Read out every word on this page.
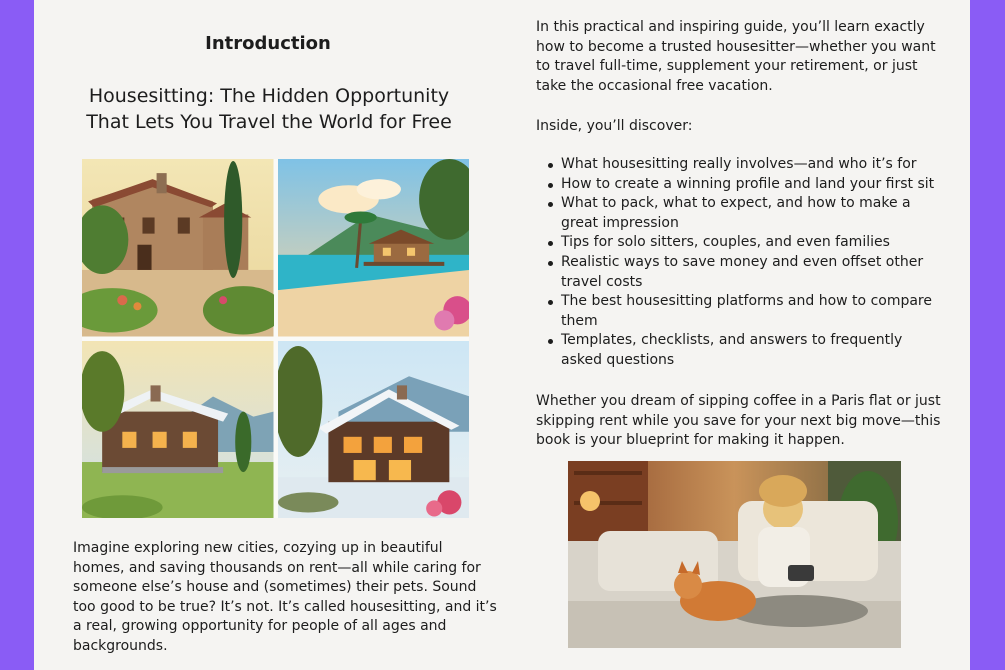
Introduction
Housesitting: The Hidden Opportunity That Lets You Travel the World for Free

Imagine exploring new cities, cozying up in beautiful homes, and saving thousands on rent—all while caring for someone else’s house and (sometimes) their pets. Sound too good to be true? It’s not. It’s called housesitting, and it’s a real, growing opportunity for people of all ages and backgrounds.

In this practical and inspiring guide, you’ll learn exactly how to become a trusted housesitter—whether you want to travel full-time, supplement your retirement, or just take the occasional free vacation.

Inside, you’ll discover:

What housesitting really involves—and who it’s for
How to create a winning profile and land your first sit
What to pack, what to expect, and how to make a great impression
Tips for solo sitters, couples, and even families
Realistic ways to save money and even offset other travel costs
The best housesitting platforms and how to compare them
Templates, checklists, and answers to frequently asked questions

Whether you dream of sipping coffee in a Paris flat or just skipping rent while you save for your next big move—this book is your blueprint for making it happen.
